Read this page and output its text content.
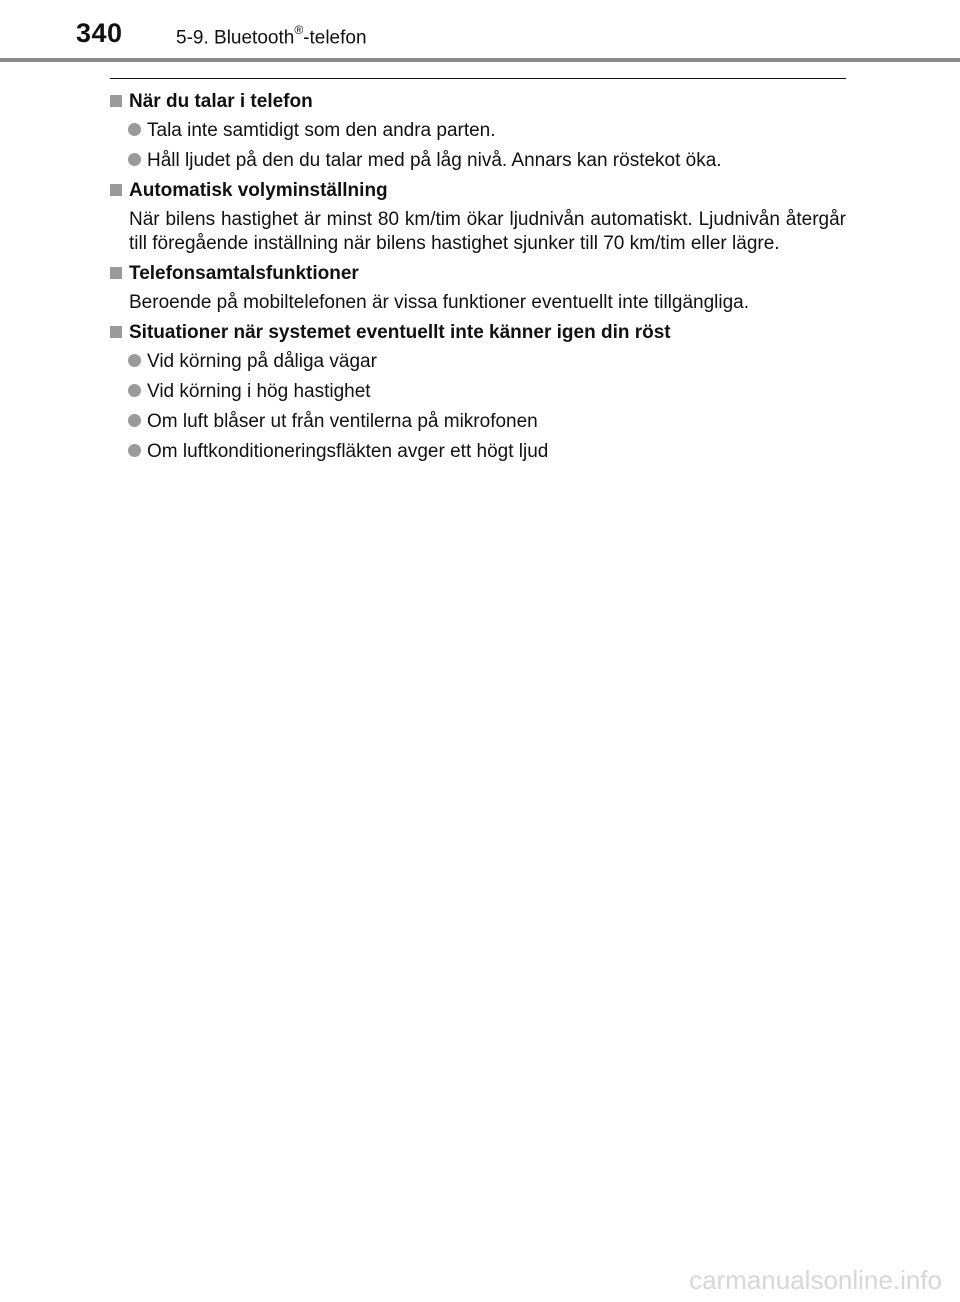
340	5-9. Bluetooth®-telefon
När du talar i telefon
Tala inte samtidigt som den andra parten.
Håll ljudet på den du talar med på låg nivå. Annars kan röstekot öka.
Automatisk volyminställning
När bilens hastighet är minst 80 km/tim ökar ljudnivån automatiskt. Ljudnivån återgår till föregående inställning när bilens hastighet sjunker till 70 km/tim eller lägre.
Telefonsamtalsfunktioner
Beroende på mobiltelefonen är vissa funktioner eventuellt inte tillgängliga.
Situationer när systemet eventuellt inte känner igen din röst
Vid körning på dåliga vägar
Vid körning i hög hastighet
Om luft blåser ut från ventilerna på mikrofonen
Om luftkonditioneringsfläkten avger ett högt ljud
carmanualsonline.info
